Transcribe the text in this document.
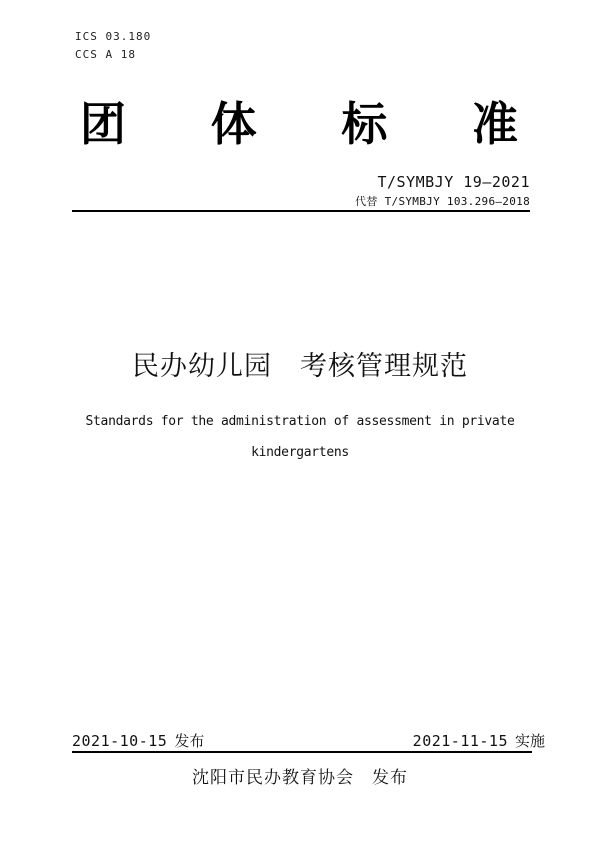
ICS 03.180
CCS A 18
团 体 标 准
T/SYMBJY 19—2021
代替 T/SYMBJY 103.296—2018
民办幼儿园　考核管理规范
Standards for the administration of assessment in private
kindergartens
2021-10-15 发布	2021-11-15 实施
沈阳市民办教育协会 发布
